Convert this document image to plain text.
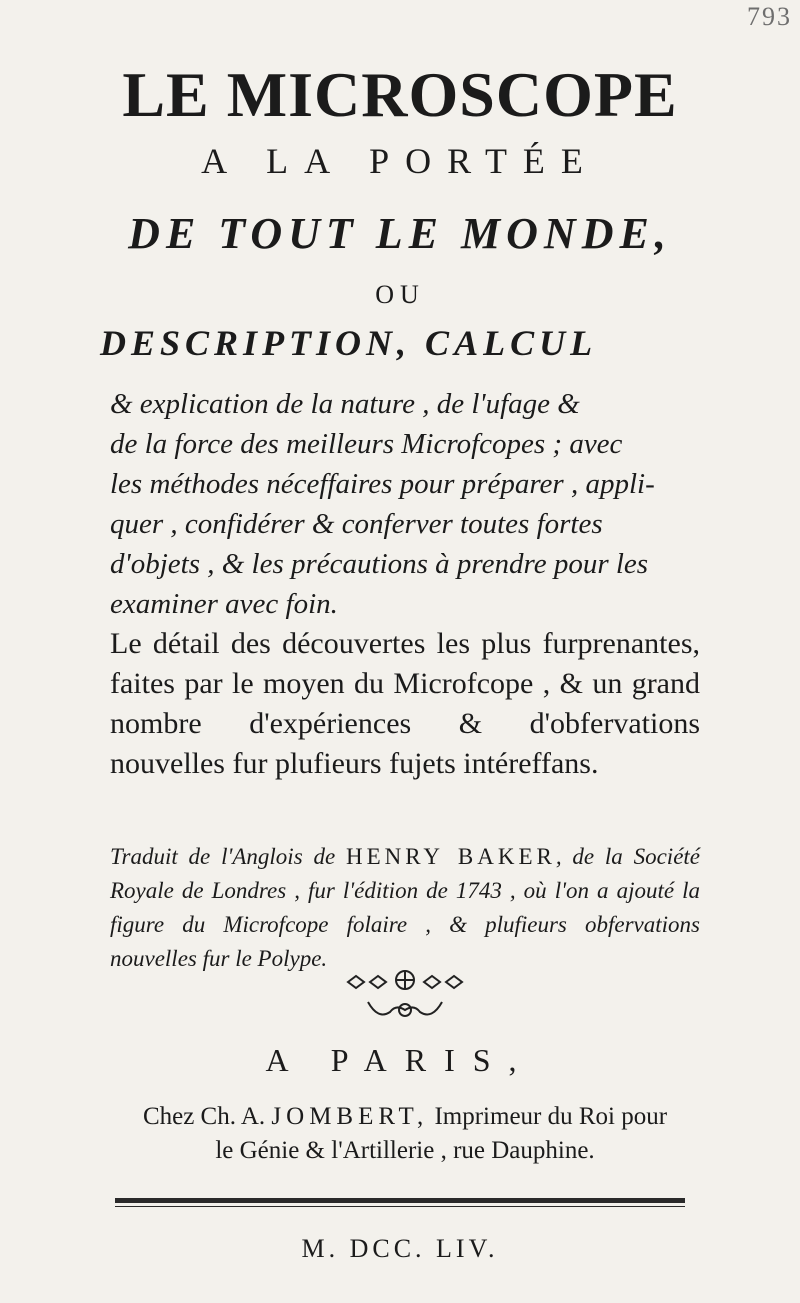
793
LE MICROSCOPE
A LA PORTÉE
DE TOUT LE MONDE,
OU
DESCRIPTION, CALCUL
& explication de la nature , de l'ufage &
de la force des meilleurs Microfcopes ; avec
les méthodes néceffaires pour préparer , appli-
quer , confidérer & conferver toutes fortes
d'objets , & les précautions à prendre pour les
examiner avec foin.
Le détail des découvertes les plus furprenantes, faites par le moyen du Microfcope , & un grand nombre d'expériences & d'obfervations nouvelles fur plufieurs fujets intéreffans.
Traduit de l'Anglois de HENRY BAKER, de la Société Royale de Londres , fur l'édition de 1743 , où l'on a ajouté la figure du Microfcope folaire , & plufieurs obfervations nouvelles fur le Polype.
A PARIS,
Chez Ch. A. JOMBERT, Imprimeur du Roi pour
le Génie & l'Artillerie , rue Dauphine.
M. DCC. LIV.
